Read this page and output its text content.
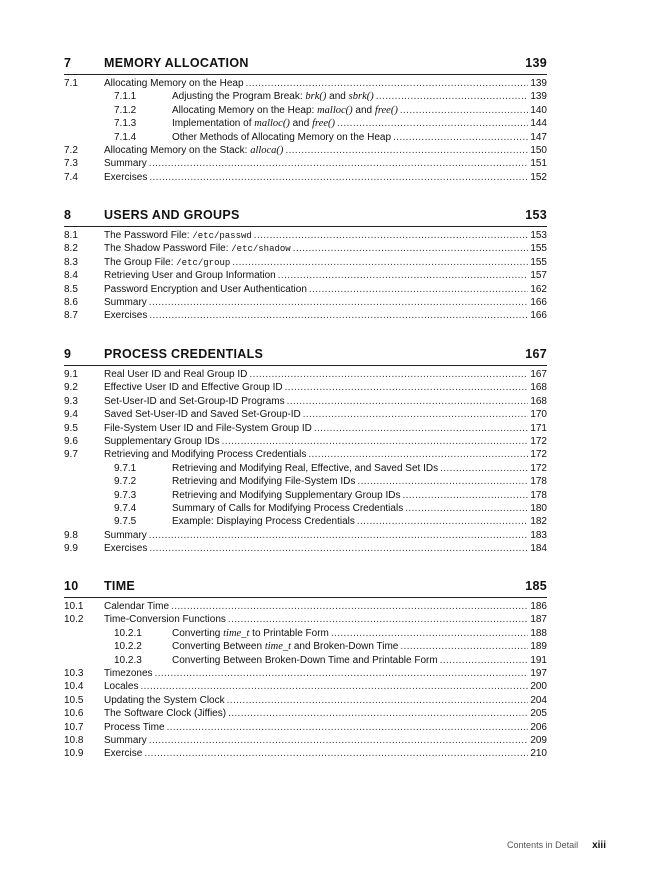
7	MEMORY ALLOCATION	139
7.1	Allocating Memory on the Heap . . .	139
7.1.1	Adjusting the Program Break: brk() and sbrk() . . .	139
7.1.2	Allocating Memory on the Heap: malloc() and free() . . .	140
7.1.3	Implementation of malloc() and free() . . .	144
7.1.4	Other Methods of Allocating Memory on the Heap . . .	147
7.2	Allocating Memory on the Stack: alloca() . . .	150
7.3	Summary . . .	151
7.4	Exercises . . .	152
8	USERS AND GROUPS	153
8.1	The Password File: /etc/passwd . . .	153
8.2	The Shadow Password File: /etc/shadow . . .	155
8.3	The Group File: /etc/group . . .	155
8.4	Retrieving User and Group Information . . .	157
8.5	Password Encryption and User Authentication . . .	162
8.6	Summary . . .	166
8.7	Exercises . . .	166
9	PROCESS CREDENTIALS	167
9.1	Real User ID and Real Group ID . . .	167
9.2	Effective User ID and Effective Group ID . . .	168
9.3	Set-User-ID and Set-Group-ID Programs . . .	168
9.4	Saved Set-User-ID and Saved Set-Group-ID . . .	170
9.5	File-System User ID and File-System Group ID . . .	171
9.6	Supplementary Group IDs . . .	172
9.7	Retrieving and Modifying Process Credentials . . .	172
9.7.1	Retrieving and Modifying Real, Effective, and Saved Set IDs . . .	172
9.7.2	Retrieving and Modifying File-System IDs . . .	178
9.7.3	Retrieving and Modifying Supplementary Group IDs . . .	178
9.7.4	Summary of Calls for Modifying Process Credentials . . .	180
9.7.5	Example: Displaying Process Credentials . . .	182
9.8	Summary . . .	183
9.9	Exercises . . .	184
10 TIME	185
10.1 Calendar Time . . .	186
10.2 Time-Conversion Functions . . .	187
10.2.1	Converting time_t to Printable Form . . .	188
10.2.2	Converting Between time_t and Broken-Down Time . . .	189
10.2.3	Converting Between Broken-Down Time and Printable Form . . .	191
10.3 Timezones . . .	197
10.4 Locales . . .	200
10.5 Updating the System Clock . . .	204
10.6 The Software Clock (Jiffies) . . .	205
10.7 Process Time . . .	206
10.8 Summary . . .	209
10.9 Exercise . . .	210
Contents in Detail xiii
